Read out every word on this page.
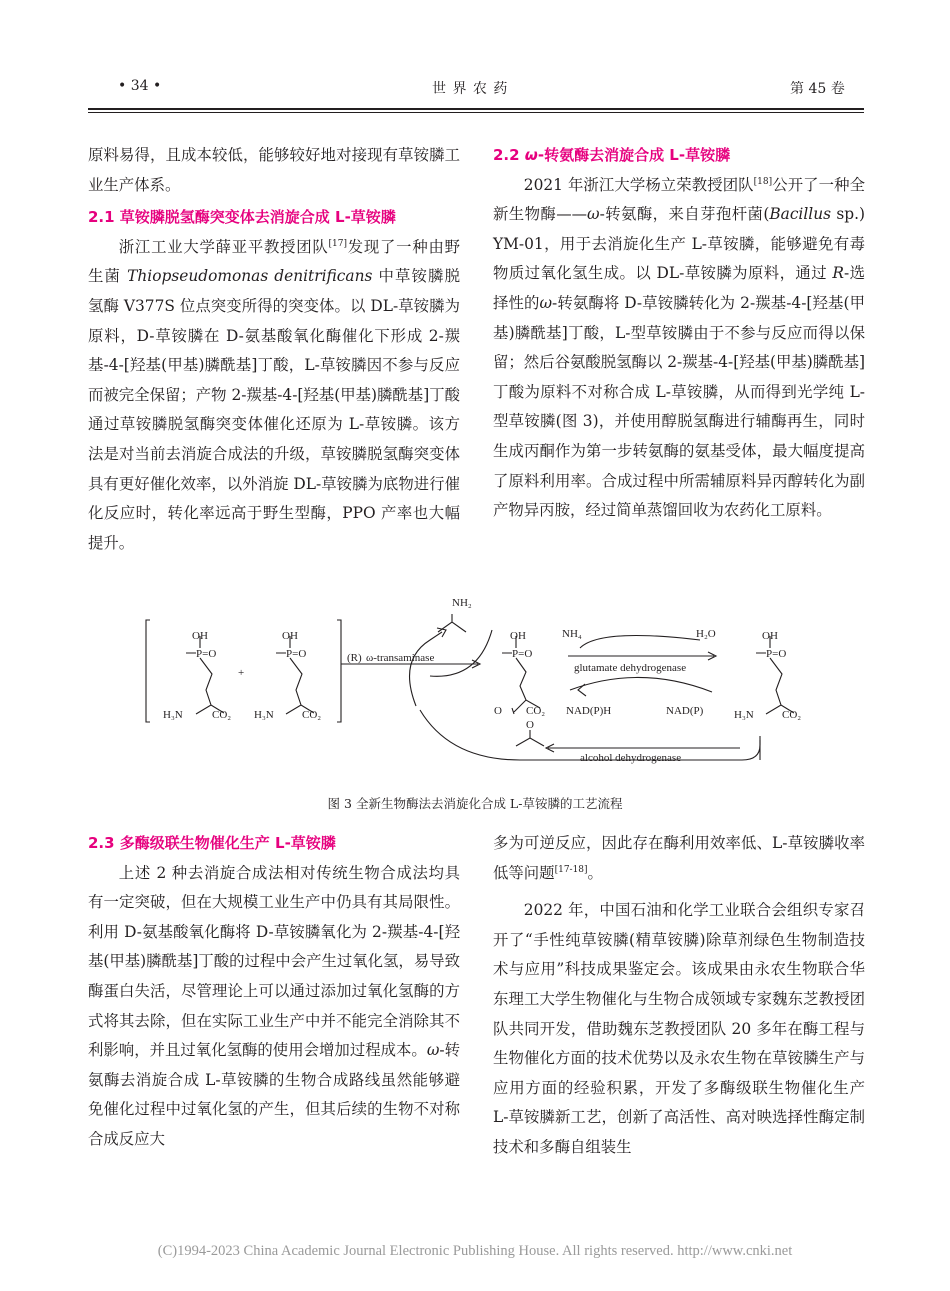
• 34 •	世 界 农 药	第 45 卷

原料易得，且成本较低，能够较好地对接现有草铵膦工业生产体系。

2.1 草铵膦脱氢酶突变体去消旋合成 L-草铵膦

浙江工业大学薛亚平教授团队[17]发现了一种由野生菌 Thiopseudomonas denitrificans 中草铵膦脱氢酶 V377S 位点突变所得的突变体。以 DL-草铵膦为原料，D-草铵膦在 D-氨基酸氧化酶催化下形成 2-羰基-4-[羟基(甲基)膦酰基]丁酸，L-草铵膦因不参与反应而被完全保留；产物 2-羰基-4-[羟基(甲基)膦酰基]丁酸通过草铵膦脱氢酶突变体催化还原为 L-草铵膦。该方法是对当前去消旋合成法的升级，草铵膦脱氢酶突变体具有更好催化效率，以外消旋 DL-草铵膦为底物进行催化反应时，转化率远高于野生型酶，PPO 产率也大幅提升。

2.2 ω-转氨酶去消旋合成 L-草铵膦

2021 年浙江大学杨立荣教授团队[18]公开了一种全新生物酶——ω-转氨酶，来自芽孢杆菌(Bacillus sp.) YM-01，用于去消旋化生产 L-草铵膦，能够避免有毒物质过氧化氢生成。以 DL-草铵膦为原料，通过 R-选择性的ω-转氨酶将 D-草铵膦转化为 2-羰基-4-[羟基(甲基)膦酰基]丁酸，L-型草铵膦由于不参与反应而得以保留；然后谷氨酸脱氢酶以 2-羰基-4-[羟基(甲基)膦酰基]丁酸为原料不对称合成 L-草铵膦，从而得到光学纯 L-型草铵膦(图 3)，并使用醇脱氢酶进行辅酶再生，同时生成丙酮作为第一步转氨酶的氨基受体，最大幅度提高了原料利用率。合成过程中所需辅原料异丙醇转化为副产物异丙胺，经过简单蒸馏回收为农药化工原料。

OH
P=O
H₃N	CO₂
+
OH
P=O
H₃N	CO₂
(R) ω-transaminase
NH₂
OH
P=O
O CO₂
NH₄	H₂O
glutamate dehydrogenase
NAD(P)H	NAD(P)
alcohol dehydrogenase
O
OH
P=O
H₃N	CO₂
图 3 全新生物酶法去消旋化合成 L-草铵膦的工艺流程

2.3 多酶级联生物催化生产 L-草铵膦

上述 2 种去消旋合成法相对传统生物合成法均具有一定突破，但在大规模工业生产中仍具有其局限性。利用 D-氨基酸氧化酶将 D-草铵膦氧化为 2-羰基-4-[羟基(甲基)膦酰基]丁酸的过程中会产生过氧化氢，易导致酶蛋白失活，尽管理论上可以通过添加过氧化氢酶的方式将其去除，但在实际工业生产中并不能完全消除其不利影响，并且过氧化氢酶的使用会增加过程成本。ω-转氨酶去消旋合成 L-草铵膦的生物合成路线虽然能够避免催化过程中过氧化氢的产生，但其后续的生物不对称合成反应大

多为可逆反应，因此存在酶利用效率低、L-草铵膦收率低等问题[17-18]。

2022 年，中国石油和化学工业联合会组织专家召开了“手性纯草铵膦(精草铵膦)除草剂绿色生物制造技术与应用”科技成果鉴定会。该成果由永农生物联合华东理工大学生物催化与生物合成领域专家魏东芝教授团队共同开发，借助魏东芝教授团队 20 多年在酶工程与生物催化方面的技术优势以及永农生物在草铵膦生产与应用方面的经验积累，开发了多酶级联生物催化生产 L-草铵膦新工艺，创新了高活性、高对映选择性酶定制技术和多酶自组装生

(C)1994-2023 China Academic Journal Electronic Publishing House. All rights reserved. http://www.cnki.net
